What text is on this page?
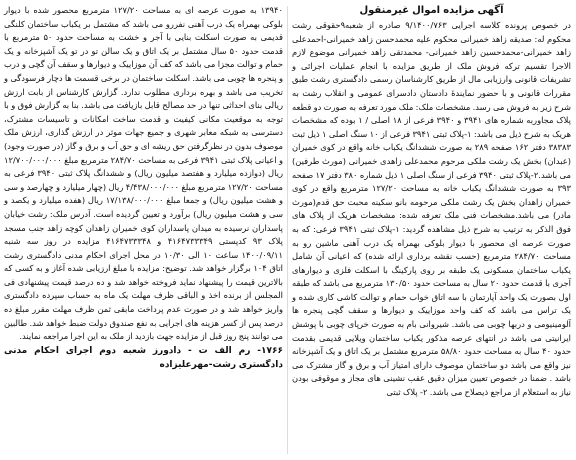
آگهی مزایده اموال غیرمنقول

در خصوص پرونده کلاسه اجرایی ۹/۱۴۰۰/۷۶۳ صادره از شعبه۹حقوقی رشت محکوم له: صدیقه زاهد خمیرانی محکوم علیه محمدحسن زاهد خمیرانی-احمدعلی زاهد خمیرانی-محمدحسین زاهد خمیرانی- محمدتقی زاهد خمیرانی موضوع لازم الاجرا تقسیم ترکه فروش ملک از طریق مزایده با انجام عملیات اجرائی و تشریفات قانونی وارزیابی مال از طریق کارشناسان رسمی دادگستری رشت طبق مقررات قانونی و با حضور نمایندۀ دادستان دادسرای عمومی و انقلاب رشت به شرح زیر به فروش می رسد. مشخصات ملک: ملک مورد تعرفه به صورت دو قطعه پلاک مجاوربه شماره های ۳۹۴۱ و ۳۹۴۰ فرعی از ۱۸ اصلی / ۱ بوده که مشخصات هریک به شرح ذیل می باشد: ۱-پلاک ثبتی ۳۹۴۱ فرعی از ۱۰ سنگ اصلی ۱ ذیل ثبت ۳۸۳۸۳ دفتر ۱۶۲ صفحه ۲۸۹ به صورت ششدانگ یکباب خانه واقع در کوی خمیران (عبدان) بخش یک رشت ملکی مرحوم محمدعلی زاهدی خمیرانی (مورث طرفین) می باشد.۲-پلاک ثبتی ۳۹۴۰ فرعی از سنگ اصلی ۱ ذیل شماره ۳۸۰ دفتر ۱۷ صفحه ۳۹۳ به صورت ششدانگ یکباب خانه به مساحت ۱۲۷/۲۰ مترمربع واقع در کوی خمیران زاهدان بخش یک رشت ملکی مرحومه بانو سکینه محبت حق قدم(مورث مادر) می باشد.مشخصات فنی ملک تعرفه شده: مشخصات هریک از پلاک های فوق الذکر به ترتیب به شرح ذیل مشاهده گردید: ۱-پلاک ثبتی ۳۹۴۱ فرعی: که به صورت عرصه ای محصور با دیوار بلوکی بهمراه یک درب آهنی ماشین رو به مساحت ۲۸۴/۷۰ مترمربع (حسب نقشه برداری ارائه شده) که اعیانی آن شامل یکباب ساختمان مسکونی یک طبقه بر روی پارکینگ با اسکلت فلزی و دیوارهای آجری با قدمت حدود ۲۰ سال به مساحت حدود ۱۳۰/۵۰ مترمربع می باشد که طبقه اول بصورت یک واحد آپارتمان با سه اتاق خواب حمام و توالت کاشی کاری شده و یک تراس می باشد که کف واحد موزاییک و دیوارها و سقف گچی پنجره ها آلومینیومی و دربها چوبی می باشد. شیروانی بام به صورت خرپای چوبی با پوشش ایرانیتی می باشد در انتهای عرصه مذکور یکباب ساختمان ویلایی قدیمی بقدمت حدود ۴۰ سال به مساحت حدود ۵۸/۸۰ مترمربع مشتمل بر یک اتاق و یک آشپزخانه نیز واقع می باشد دو ساختمان موصوف دارای امتیاز آب و برق و گاز مشترک می باشد . ضمنا در خصوص تعیین میزان دقیق عقب نشینی های مجاز و موقوفی بودن نیاز به استعلام از مراجع ذیصلاح می باشد. ۲- پلاک ثبتی

۱۳۹۴۰ به صورت عرصه ای به مساحت ۱۲۷/۲۰ مترمربع محصور شده با دیوار بلوکی بهمراه یک درب آهنی نفررو می باشد که مشتمل بر یکباب ساختمان کلنگی قدیمی به صورت اسکلت بنایی با آجر و خشت به مساحت حدود ۵۰ مترمربع با قدمت حدود ۵۰ سال مشتمل بر یک اتاق و یک سالن تو در تو یک آشپزخانه و یک حمام و توالت مجزا می باشد که کف آن موزاییک و دیوارها و سقف آن گچی و درب و پنجره ها چوبی می باشد. اسکلت ساختمان در برخی قسمت ها دچار فرسودگی و تخریب می باشد و بهره برداری مطلوب ندارد. گزارش کارشناس از بابت ارزش ریالی بنای احداثی تنها در حد مصالح قابل بازیافت می باشد. بنا به گزارش فوق و با توجه به موقعیت مکانی کیفیت و قدمت ساخت امکانات و تاسیسات مشترک، دسترسی به شبکه معابر شهری و جمیع جهات موثر در ارزش گذاری، ارزش ملک موصوف بدون در نظرگرفتن حق ریشه ای و حق آب و برق و گاز (در صورت وجود) و اعیانی پلاک ثبتی ۳۹۴۱ فرعی به مساحت ۲۸۴/۷۰ مترمربع مبلغ ۱۲/۷۰۰/۰۰۰/۰۰۰ ریال (دوازده میلیارد و هفتصد میلیون ریال) و ششدانگ پلاک ثبتی ۳۹۴۰ فرعی به مساحت ۱۲۷/۲۰ مترمربع مبلغ ۴/۴۳۸/۰۰۰/۰۰۰ ریال (چهار میلیارد و چهارصد و سی و هشت میلیون ریال) و جمعا مبلغ ۱۷/۱۳۸/۰۰۰/۰۰۰ ریال (هفده میلیارد و یکصد و سی و هشت میلیون ریال) برآورد و تعیین گردیده است. آدرس ملک: رشت خیابان پاسداران نرسیده به میدان پاسداران کوی خمیران زاهدان کوچه زاهد جنب مسجد پلاک ۹۳ کدپستی ۴۱۶۴۷۳۳۳۴۹ و ۴۱۶۴۷۳۳۳۴۸ مزایده در روز سه شنبه ۱۴۰۰/۰۹/۱۱ ساعت ۱۰ الی ۱۰/۳۰ در محل اجرای احکام مدنی دادگستری رشت اتاق ۱۰۴ برگزار خواهد شد. توضیح: مزایده با مبلغ ارزیابی شده آغاز و به کسی که بالاترین قیمت را پیشنهاد نماید فروخته خواهد شد و ده درصد قیمت پیشنهادی فی المجلس از برنده اخذ و الباقی ظرف مهلت یک ماه به حساب سپرده دادگستری واریز خواهد شد و در صورت عدم پرداخت مابقی ثمن ظرف مهلت مقرر مبلغ ده درصد پس از کسر هزینه های اجرایی به نفع صندوق دولت ضبط خواهد شد. طالبین می توانند پنج روز قبل از مزایده جهت بازدید از ملک به این اجرا مراجعه نمایند.

۱۷۶۶- رم الف ت - دادورز شعبه دوم اجرای احکام مدنی دادگستری رشت-مهرعلیزاده
